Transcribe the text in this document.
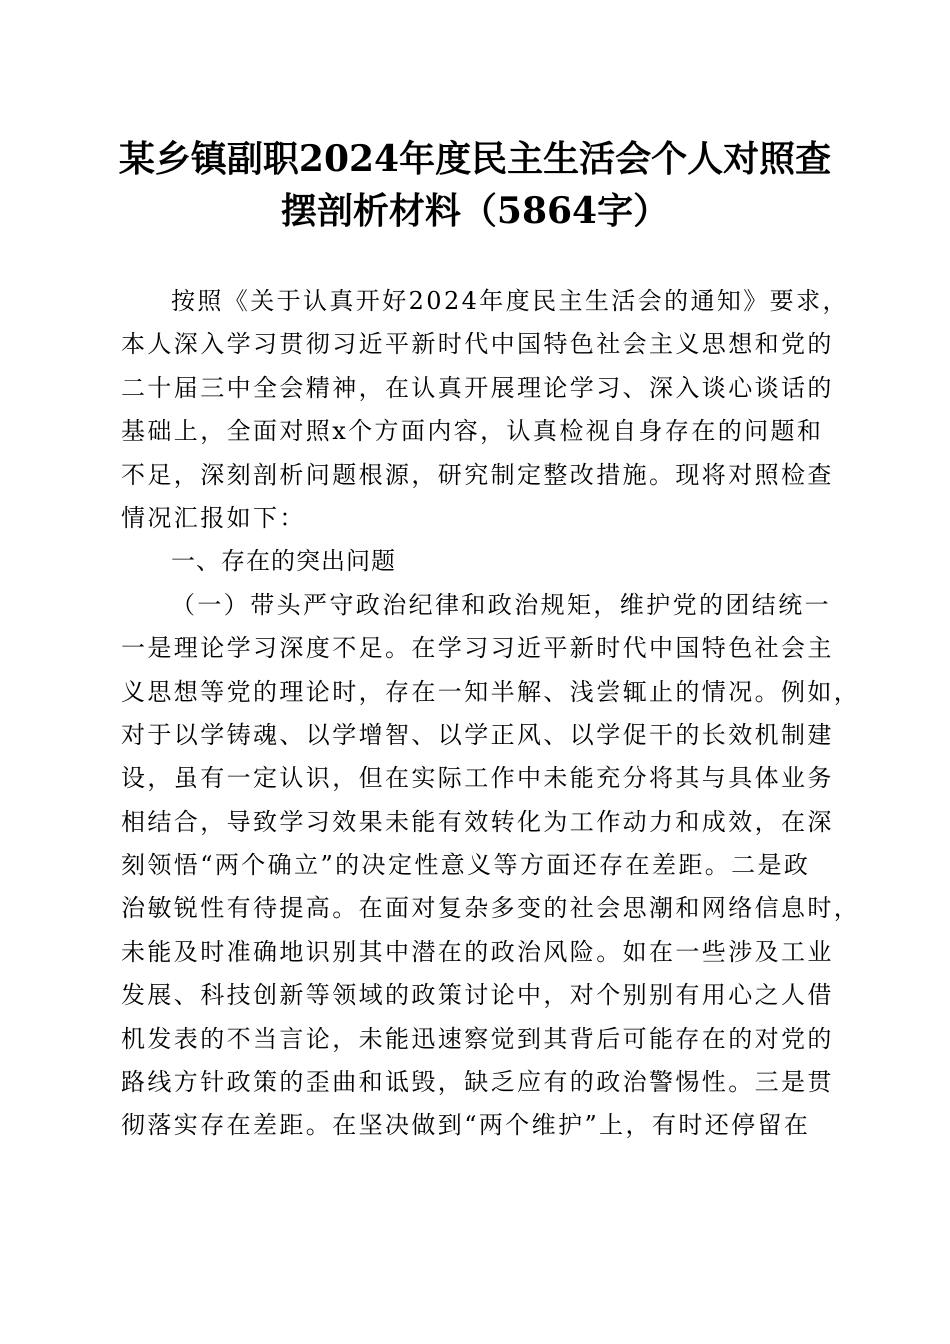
某乡镇副职2024年度民主生活会个人对照查
摆剖析材料（5864字）
按照《关于认真开好2024年度民主生活会的通知》要求，
本人深入学习贯彻习近平新时代中国特色社会主义思想和党的
二十届三中全会精神，在认真开展理论学习、深入谈心谈话的
基础上，全面对照x个方面内容，认真检视自身存在的问题和
不足，深刻剖析问题根源，研究制定整改措施。现将对照检查
情况汇报如下：
一、存在的突出问题
（一）带头严守政治纪律和政治规矩，维护党的团结统一
一是理论学习深度不足。在学习习近平新时代中国特色社会主
义思想等党的理论时，存在一知半解、浅尝辄止的情况。例如，
对于以学铸魂、以学增智、以学正风、以学促干的长效机制建
设，虽有一定认识，但在实际工作中未能充分将其与具体业务
相结合，导致学习效果未能有效转化为工作动力和成效，在深
刻领悟“两个确立”的决定性意义等方面还存在差距。二是政
治敏锐性有待提高。在面对复杂多变的社会思潮和网络信息时，
未能及时准确地识别其中潜在的政治风险。如在一些涉及工业
发展、科技创新等领域的政策讨论中，对个别别有用心之人借
机发表的不当言论，未能迅速察觉到其背后可能存在的对党的
路线方针政策的歪曲和诋毁，缺乏应有的政治警惕性。三是贯
彻落实存在差距。在坚决做到“两个维护”上，有时还停留在
